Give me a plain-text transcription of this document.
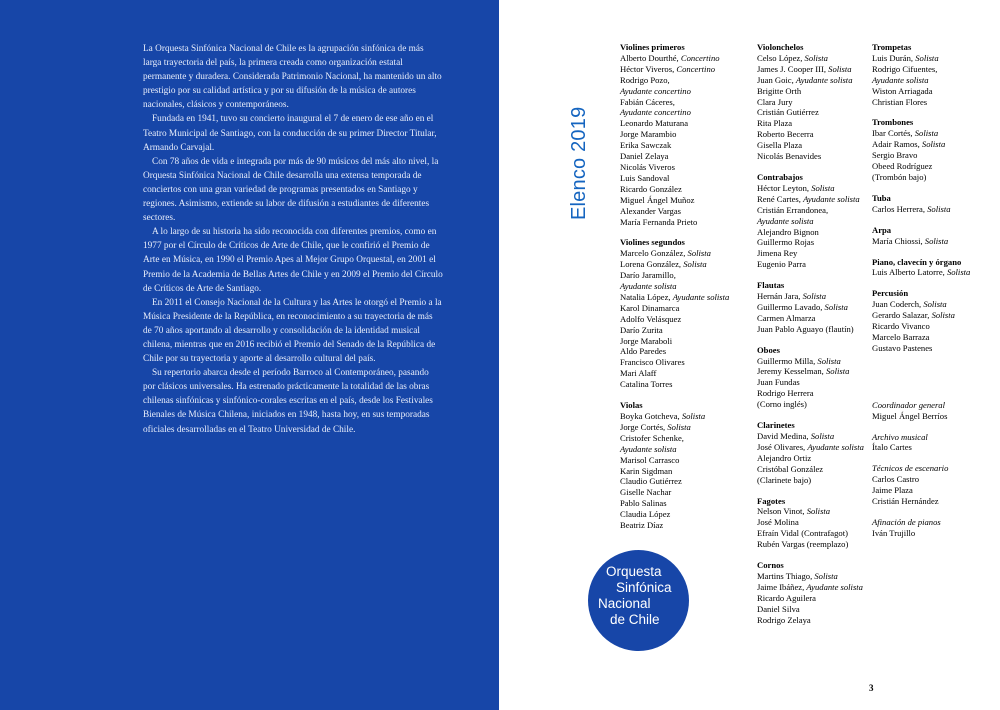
La Orquesta Sinfónica Nacional de Chile es la agrupación sinfónica de más larga trayectoria del país, la primera creada como organización estatal permanente y duradera. Considerada Patrimonio Nacional, ha mantenido un alto prestigio por su calidad artística y por su difusión de la música de autores nacionales, clásicos y contemporáneos.

Fundada en 1941, tuvo su concierto inaugural el 7 de enero de ese año en el Teatro Municipal de Santiago, con la conducción de su primer Director Titular, Armando Carvajal.

Con 78 años de vida e integrada por más de 90 músicos del más alto nivel, la Orquesta Sinfónica Nacional de Chile desarrolla una extensa temporada de conciertos con una gran variedad de programas presentados en Santiago y regiones. Asimismo, extiende su labor de difusión a estudiantes de diferentes sectores.

A lo largo de su historia ha sido reconocida con diferentes premios, como en 1977 por el Círculo de Críticos de Arte de Chile, que le confirió el Premio de Arte en Música, en 1990 el Premio Apes al Mejor Grupo Orquestal, en 2001 el Premio de la Academia de Bellas Artes de Chile y en 2009 el Premio del Círculo de Críticos de Arte de Santiago.

En 2011 el Consejo Nacional de la Cultura y las Artes le otorgó el Premio a la Música Presidente de la República, en reconocimiento a su trayectoria de más de 70 años aportando al desarrollo y consolidación de la identidad musical chilena, mientras que en 2016 recibió el Premio del Senado de la República de Chile por su trayectoria y aporte al desarrollo cultural del país.

Su repertorio abarca desde el período Barroco al Contemporáneo, pasando por clásicos universales. Ha estrenado prácticamente la totalidad de las obras chilenas sinfónicas y sinfónico-corales escritas en el país, desde los Festivales Bienales de Música Chilena, iniciados en 1948, hasta hoy, en sus temporadas oficiales desarrolladas en el Teatro Universidad de Chile.

Elenco 2019
Orquesta
Sinfónica
Nacional
de Chile
Violines primeros
Alberto Dourthé, Concertino
Héctor Viveros, Concertino
Rodrigo Pozo,
Ayudante concertino
Fabián Cáceres,
Ayudante concertino
Leonardo Maturana
Jorge Marambio
Erika Sawczak
Daniel Zelaya
Nicolás Viveros
Luis Sandoval
Ricardo González
Miguel Ángel Muñoz
Alexander Vargas
María Fernanda Prieto
Violines segundos
Marcelo González, Solista
Lorena González, Solista
Darío Jaramillo,
Ayudante solista
Natalia López, Ayudante solista
Karol Dinamarca
Adolfo Velásquez
Darío Zurita
Jorge Maraboli
Aldo Paredes
Francisco Olivares
Mari Alaff
Catalina Torres
Violas
Boyka Gotcheva, Solista
Jorge Cortés, Solista
Cristofer Schenke,
Ayudante solista
Marisol Carrasco
Karin Sigdman
Claudio Gutiérrez
Giselle Nachar
Pablo Salinas
Claudia López
Beatriz Díaz
Violonchelos
Celso López, Solista
James J. Cooper III, Solista
Juan Goic, Ayudante solista
Brigitte Orth
Clara Jury
Cristián Gutiérrez
Rita Plaza
Roberto Becerra
Gisella Plaza
Nicolás Benavides
Contrabajos
Héctor Leyton, Solista
René Cartes, Ayudante solista
Cristián Errandonea,
Ayudante solista
Alejandro Bignon
Guillermo Rojas
Jimena Rey
Eugenio Parra
Flautas
Hernán Jara, Solista
Guillermo Lavado, Solista
Carmen Almarza
Juan Pablo Aguayo (flautín)
Oboes
Guillermo Milla, Solista
Jeremy Kesselman, Solista
Juan Fundas
Rodrigo Herrera
(Corno inglés)
Clarinetes
David Medina, Solista
José Olivares, Ayudante solista
Alejandro Ortiz
Cristóbal González
(Clarinete bajo)
Fagotes
Nelson Vinot, Solista
José Molina
Efraín Vidal (Contrafagot)
Rubén Vargas (reemplazo)
Cornos
Martins Thiago, Solista
Jaime Ibáñez, Ayudante solista
Ricardo Aguilera
Daniel Silva
Rodrigo Zelaya
Trompetas
Luis Durán, Solista
Rodrigo Cifuentes,
Ayudante solista
Wiston Arriagada
Christian Flores
Trombones
Ibar Cortés, Solista
Adair Ramos, Solista
Sergio Bravo
Obeed Rodríguez
(Trombón bajo)
Tuba
Carlos Herrera, Solista
Arpa
María Chiossi, Solista
Piano, clavecín y órgano
Luis Alberto Latorre, Solista
Percusión
Juan Coderch, Solista
Gerardo Salazar, Solista
Ricardo Vivanco
Marcelo Barraza
Gustavo Pastenes
Coordinador general
Miguel Ángel Berríos
Archivo musical
Ítalo Cartes
Técnicos de escenario
Carlos Castro
Jaime Plaza
Cristián Hernández
Afinación de pianos
Iván Trujillo
3
